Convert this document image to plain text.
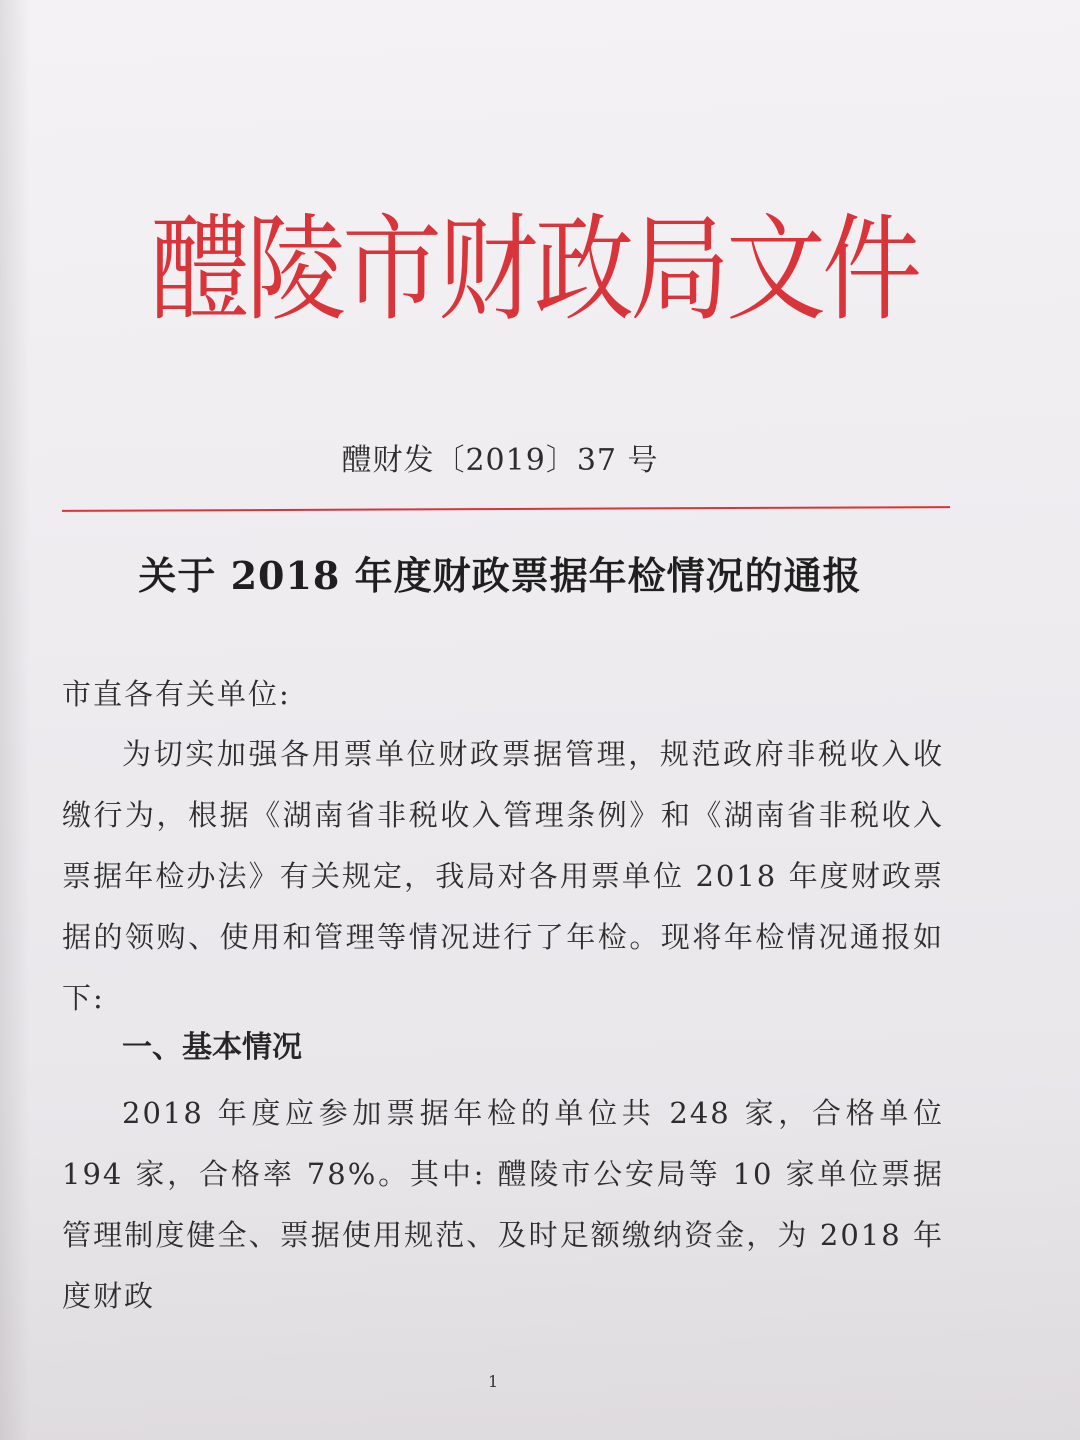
醴
陵
市
财
政
局
文
件
醴财发〔2019〕37 号
关于 2018 年度财政票据年检情况的通报
市直各有关单位:

为切实加强各用票单位财政票据管理，规范政府非税收入收缴行为，根据《湖南省非税收入管理条例》和《湖南省非税收入票据年检办法》有关规定，我局对各用票单位 2018 年度财政票据的领购、使用和管理等情况进行了年检。现将年检情况通报如下:

一、基本情况

2018 年度应参加票据年检的单位共 248 家，合格单位 194 家，合格率 78%。其中: 醴陵市公安局等 10 家单位票据管理制度健全、票据使用规范、及时足额缴纳资金，为 2018 年度财政

1
